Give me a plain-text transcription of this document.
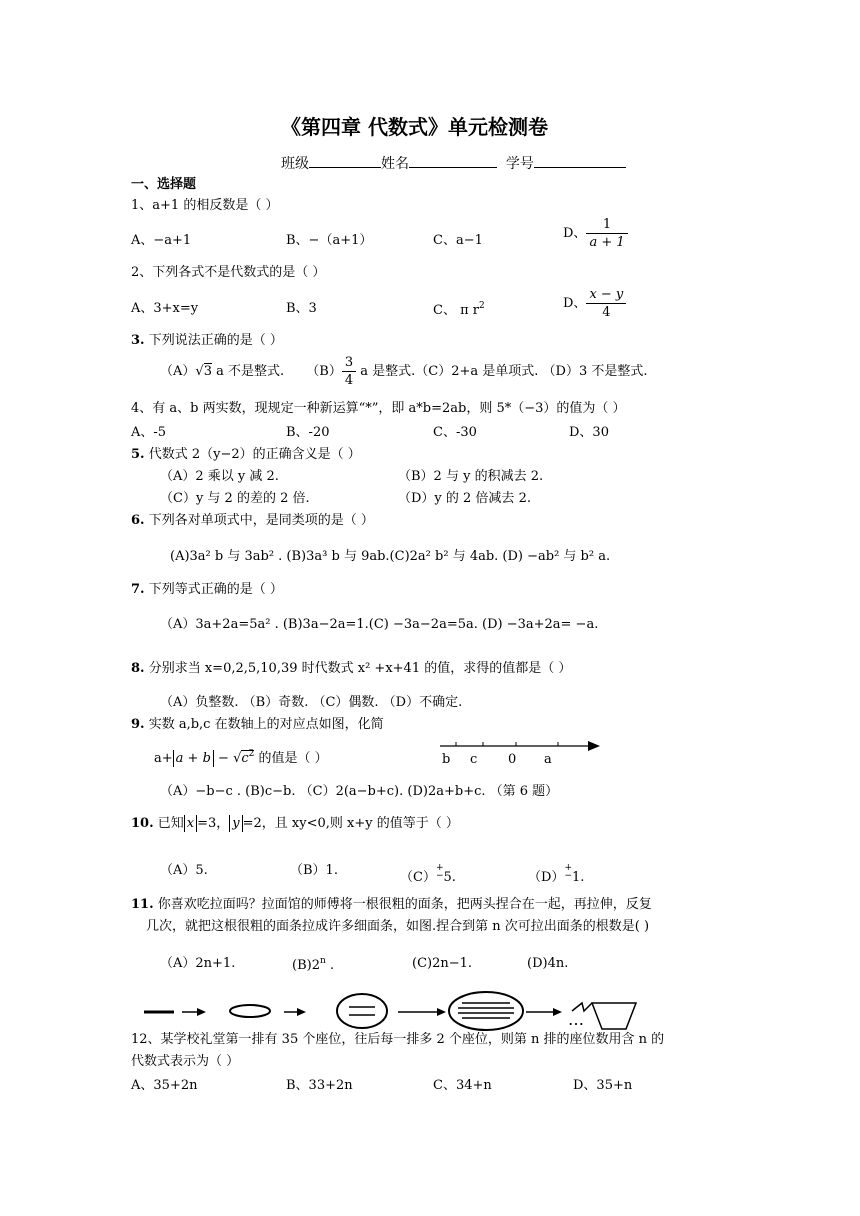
《第四章 代数式》单元检测卷
班级	姓名	学号
一、选择题
1、a+1 的相反数是（ ）
A、−a+1	B、−（a+1）	C、a−1	D、 $\frac{1}{a + 1}$
2、下列各式不是代数式的是（ ）
A、3+x=y	B、3	C、 π $r^2$	D、 $\frac{x - y}{4}$
3. 下列说法正确的是（ ）
（A）√3 a 不是整式. $(B) \frac{3}{4}$ a 是整式.（C）2+a 是单项式. （D）3 不是整式.
4、有 a、b 两实数，现规定一种新运算“*”，即 a*b=2ab，则 5*（−3）的值为（ ）
A、-5	B、-20	C、-30	D、30
5. 代数式 2（y−2）的正确含义是（ ）
（A）2 乘以 y 减 2.	（B）2 与 y 的积减去 2.
（C）y 与 2 的差的 2 倍.	（D）y 的 2 倍减去 2.
6. 下列各对单项式中，是同类项的是（ ）
(A)3a² b 与 3ab² . (B)3a³ b 与 9ab.(C)2a² b² 与 4ab. (D) −ab² 与 b² a.
7. 下列等式正确的是（ ）
（A）3a+2a=5a² . (B)3a−2a=1.(C) −3a−2a=5a. (D) −3a+2a= −a.
8. 分别求当 x=0,2,5,10,39 时代数式 x² +x+41 的值，求得的值都是（ ）
（A）负整数. （B）奇数. （C）偶数. （D）不确定.
9. 实数 a,b,c 在数轴上的对应点如图，化简
$a+ a + b - √c^2$ 的值是（ ）	b c 0 a
（A）−b−c . (B)c−b. （C）2(a−b+c). (D)2a+b+c. （第 6 题）
10. 已知 x =3， y =2，且 xy<0,则 x+y 的值等于（ ）
（A）5.	（B）1.	（C）
+
− 5.	（D）
+
− 1.
11. 你喜欢吃拉面吗？拉面馆的师傅将一根很粗的面条，把两头捏合在一起，再拉伸，反复
几次，就把这根很粗的面条拉成许多细面条，如图.捏合到第 n 次可拉出面条的根数是( )
（A）2n+1.	(B)2$^n$ .	(C)2n−1.	(D)4n.
…
12、某学校礼堂第一排有 35 个座位，往后每一排多 2 个座位，则第 n 排的座位数用含 n 的
代数式表示为（ ）
A、35+2n	B、33+2n	C、34+n	D、35+n
